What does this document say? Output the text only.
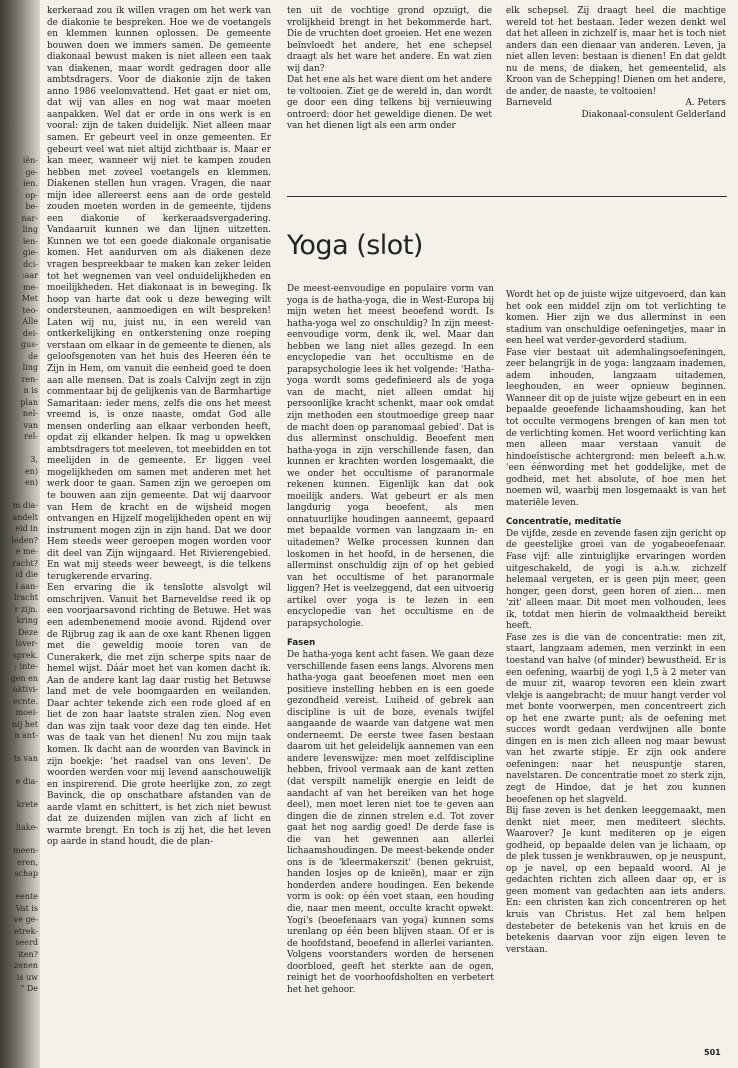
iën-
ge-
ien.
op-
be-
nar-
ling
ien-
gie-
dci-
:aar
me-
Met
teo-
Alle
dei-
gus-
de
ling
ren-
n is
plan
nel-
van
rel-

3,
en)
en)

m dia-
andelt
eid in
leden?
e me-
racht?
id die
l aan-
lracht
r zijn.
kring
Deze
lsver-
sprek.
; inte-
gen en
aktivi-
ecnte.
moei-
nij het
n ant-

ts van

e dia-

krete

liake-

meen-
eren,
schap

eente
Vat is
ve ge-
etrek-
seerd
iten?
zenen
is uw
" De

kerkeraad zou ik willen vragen om het werk van de diakonie te bespreken. Hoe we de voetangels en klemmen kunnen oplossen. De gemeente bouwen doen we immers samen. De gemeente diakonaal bewust maken is niet alleen een taak van diakenen, maar wordt gedragen door alle ambtsdragers. Voor de diakonie zijn de taken anno 1986 veelomvattend. Het gaat er niet om, dat wij van alles en nog wat maar moeten aanpakken. Wel dat er orde in ons werk is en vooral: zijn de taken duidelijk. Niet alleen maar samen. Er gebeurt veel in onze gemeenten. Er gebeurt veel wat niet altijd zichtbaar is. Maar er kan meer, wanneer wij niet te kampen zouden hebben met zoveel voetangels en klemmen. Diakenen stellen hun vragen. Vragen, die naar mijn idee allereerst eens aan de orde gesteld zouden moeten worden in de gemeente, tijdens een diakonie of kerkeraadsvergadering. Vandaaruit kunnen we dan lijnen uitzetten. Kunnen we tot een goede diakonale organisatie komen. Het aandurven om als diakenen deze vragen bespreekbaar te maken kan zeker leiden tot het wegnemen van veel onduidelijkheden en moeilijkheden. Het diakonaat is in beweging. Ik hoop van harte dat ook u deze beweging wilt ondersteunen, aanmoedigen en wilt bespreken! Laten wij nu, juist nu, in een wereld van ontkerkelijking en ontkerstening onze roeping verstaan om elkaar in de gemeente te dienen, als geloofsgenoten van het huis des Heeren één te Zijn in Hem, om vanuit die eenheid goed te doen aan alle mensen. Dat is zoals Calvijn zegt in zijn commentaar bij de gelijkenis van de Barmhartige Samaritaan: ieder mens, zelfs die ons het meest vreemd is, is onze naaste, omdat God alle mensen onderling aan elkaar verbonden heeft, opdat zij elkander helpen. Ik mag u opwekken ambtsdragers tot meeleven, tot meebidden en tot meelijden in de gemeente. Er liggen veel mogelijkheden om samen met anderen met het werk door te gaan. Samen zijn we geroepen om te bouwen aan zijn gemeente. Dat wij daarvoor van Hem de kracht en de wijsheid mogen ontvangen en Hijzelf mogelijkheden opent en wij instrument mogen zijn in zijn hand. Dat we door Hem steeds weer geroepen mogen worden voor dit deel van Zijn wijngaard. Het Rivierengebied. En wat mij steeds weer beweegt, is die telkens terugkerende ervaring.

Een ervaring die ik tenslotte alsvolgt wil omschrijven. Vanuit het Barneveldse reed ik op een voorjaarsavond richting de Betuwe. Het was een adembenemend mooie avond. Rijdend over de Rijbrug zag ik aan de oxe kant Rhenen liggen met die geweldig mooie toren van de Cunerakerk, die met zijn scherpe spits naar de hemel wijst. Dáár moet het van komen dacht ik. Aan de andere kant lag daar rustig het Betuwse land met de vele boomgaarden en weilanden. Daar achter tekende zich een rode gloed af en liet de zon haar laatste stralen zien. Nog even dan was zijn taak voor deze dag ten einde. Het was de taak van het dienen! Nu zou mijn taak komen. Ik dacht aan de woorden van Bavinck in zijn boekje: 'het raadsel van ons leven'. De woorden werden voor mij levend aanschouwelijk en inspirerend. Die grote heerlijke zon, zo zegt Bavinck, die op onschatbare afstanden van de aarde vlamt en schittert, is het zich niet bewust dat ze duizenden mijlen van zich af licht en warmte brengt. En toch is zij het, die het leven op aarde in stand houdt, die de plan-

ten uit de vochtige grond opzuigt, die vrolijkheid brengt in het bekommerde hart. Die de vruchten doet groeien. Het ene wezen beïnvloedt het andere, het ene schepsel draagt als het ware het andere. En wat zien wij dan?

Dat het ene als het ware dient om het andere te voltooien. Ziet ge de wereld in, dan wordt ge door een ding telkens bij vernieuwing ontroerd: door het geweldige dienen. De wet van het dienen ligt als een arm onder

elk schepsel. Zij draagt heel die machtige wereld tot het bestaan. Ieder wezen denkt wel dat het alleen in zichzelf is, maar het is toch niet anders dan een dienaar van anderen. Leven, ja niet allen leven: bestaan is dienen! En dat geldt nu de mens, de diaken, het gemeentelid, als Kroon van de Schepping! Dienen om het andere, de ander, de naaste, te voltooien!

Barneveld	A. Peters
Diakonaal-consulent Gelderland
Yoga (slot)

De meest-eenvoudige en populaire vorm van yoga is de hatha-yoga, die in West-Europa bij mijn weten het meest beoefend wordt. Is hatha-yoga wel zo onschuldig? In zijn meest-eenvoudige vorm, denk ik, wel. Maar dan hebben we lang niet alles gezegd. In een encyclopedie van het occultisme en de parapsychologie lees ik het volgende: 'Hatha-yoga wordt soms gedefinieerd als de yoga van de macht, niet alleen omdat hij persoonlijke kracht schenkt, maar ook omdat zijn methoden een stoutmoedige greep naar de macht doen op paranomaal gebied'. Dat is dus allerminst onschuldig. Beoefent men hatha-yoga in zijn verschillende fasen, dan kunnen er krachten worden losgemaakt, die we onder het occultisme of paranormale rekenen kunnen. Eigenlijk kan dat ook moeilijk anders. Wat gebeurt er als men langdurig yoga beoefent, als men onnatuurlijke houdingen aanneemt, gepaard met bepaalde vormen van langzaam in- en uitademen? Welke processen kunnen dan loskomen in het hoofd, in de hersenen, die allerminst onschuldig zijn of op het gebied van het occultisme of het paranormale liggen? Het is veelzeggend, dat een uitvoerig artikel over yoga is te lezen in een encyclopedie van het occultisme en de parapsychologie.

Fasen

De hatha-yoga kent acht fasen. We gaan deze verschillende fasen eens langs. Alvorens men hatha-yoga gaat beoefenen moet men een positieve instelling hebben en is een goede gezondheid vereist. Luiheid of gebrek aan discipline is uit de boze, evenals twijfel aangaande de waarde van datgene wat men onderneemt. De eerste twee fasen bestaan daarom uit het geleidelijk aannemen van een andere levenswijze: men moet zelfdiscipline hebben, frivool vermaak aan de kant zetten (dat verspilt namelijk energie en leidt de aandacht af van het bereiken van het hoge deel), men moet leren niet toe te geven aan dingen die de zinnen strelen e.d. Tot zover gaat het nog aardig goed! De derde fase is die van het gewennen aan allerlei lichaamshoudingen. De meest-bekende onder ons is de 'kleermakerszit' (benen gekruist, handen losjes op de knieën), maar er zijn honderden andere houdingen. Een bekende vorm is ook: op één voet staan, een houding die, naar men meent, occulte kracht opwekt. Yogi's (beoefenaars van yoga) kunnen soms urenlang op één been blijven staan. Of er is de hoofdstand, beoefend in allerlei varianten. Volgens voorstanders worden de hersenen doorbloed, geeft het sterkte aan de ogen, reinigt het de voorhoofdsholten en verbetert het het gehoor.

Wordt het op de juiste wijze uitgevoerd, dan kan het ook een middel zijn om tot verlichting te komen. Hier zijn we dus allerminst in een stadium van onschuldige oefeningetjes, maar in een heel wat verder-gevorderd stadium.

Fase vier bestaat uit ademhalingsoefeningen, zeer belangrijk in de yoga: langzaam inademen, adem inhouden, langzaam uitademen, leeghouden, en weer opnieuw beginnen. Wanneer dit op de juiste wijze gebeurt en in een bepaalde geoefende lichaamshouding, kan het tot occulte vermogens brengen of kan men tot de verlichting komen. Het woord verlichting kan men alleen maar verstaan vanuit de hindoeïstische achtergrond: men beleeft a.h.w. 'een éénwording met het goddelijke, met de godheid, met het absolute, of hoe men het noemen wil, waarbij men losgemaakt is van het materiële leven.

Concentratie, meditatie

De vijfde, zesde en zevende fasen zijn gericht op de geestelijke groei van de yogabeoefenaar. Fase vijf: alle zintuiglijke ervaringen worden uitgeschakeld, de yogi is a.h.w. zichzelf helemaal vergeten, er is geen pijn meer, geen honger, geen dorst, geen horen of zien... men 'zit' alleen maar. Dit moet men volhouden, lees ik, totdat men hierin de volmaaktheid bereikt heeft.

Fase zes is die van de concentratie: men zit, staart, langzaam ademen, men verzinkt in een toestand van halve (of minder) bewustheid. Er is een oefening, waarbij de yogi 1,5 à 2 meter van de muur zit, waarop tevoren een klein zwart vlekje is aangebracht; de muur hangt verder vol met bonte voorwerpen, men concentreert zich op het ene zwarte punt; als de oefening met succes wordt gedaan verdwijnen alle bonte dingen en is men zich alleen nog maar bewust van het zwarte stipje. Er zijn ook andere oefeningen: naar het neuspuntje staren, navelstaren. De concentratie moet zo sterk zijn, zegt de Hindoe, dat je het zou kunnen beoefenen op het slagveld.

Bij fase zeven is het denken leeggemaakt, men denkt niet meer, men mediteert slechts. Waarover? Je kunt mediteren op je eigen godheid, op bepaalde delen van je lichaam, op de plek tussen je wenkbrauwen, op je neuspunt, op je navel, op een bepaald woord. Al je gedachten richten zich alleen daar op, er is geen moment van gedachten aan iets anders. En: een christen kan zich concentreren op het kruis van Christus. Het zal hem helpen destebeter de betekenis van het kruis en de betekenis daarvan voor zijn eigen leven te verstaan.

501
